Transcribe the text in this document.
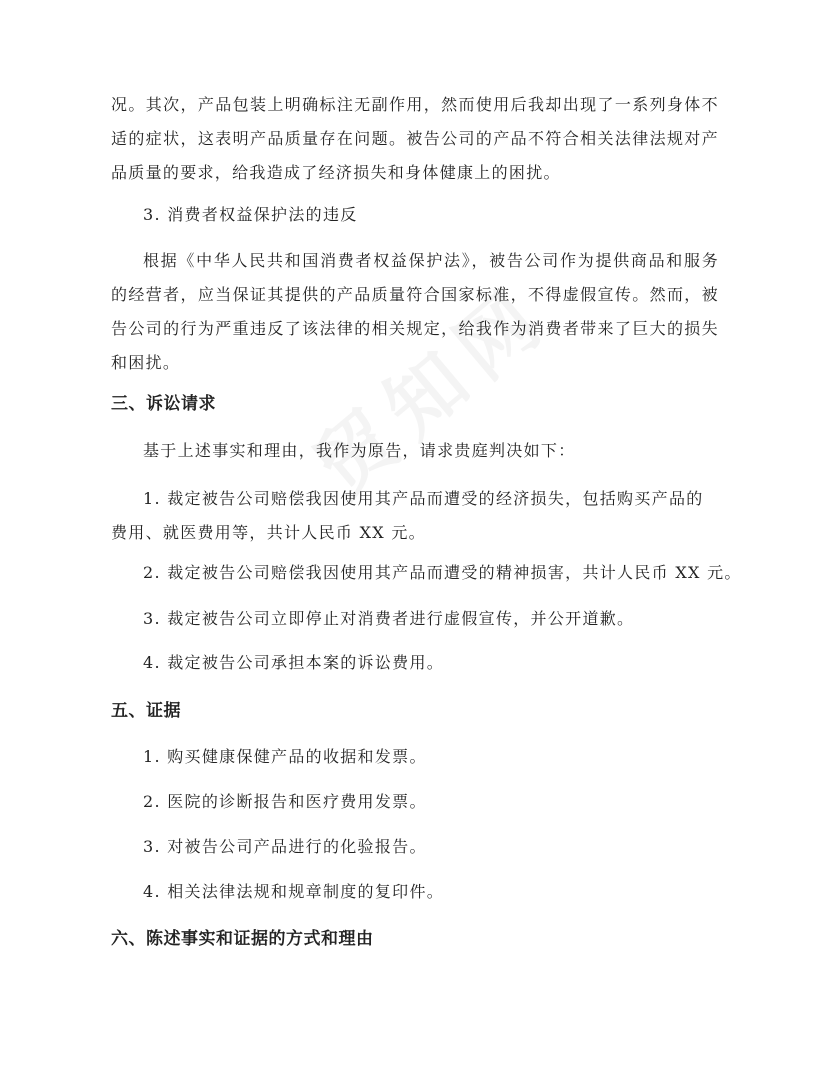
况。其次，产品包装上明确标注无副作用，然而使用后我却出现了一系列身体不适的症状，这表明产品质量存在问题。被告公司的产品不符合相关法律法规对产品质量的要求，给我造成了经济损失和身体健康上的困扰。

3. 消费者权益保护法的违反

根据《中华人民共和国消费者权益保护法》，被告公司作为提供商品和服务的经营者，应当保证其提供的产品质量符合国家标准，不得虚假宣传。然而，被告公司的行为严重违反了该法律的相关规定，给我作为消费者带来了巨大的损失和困扰。

三、诉讼请求

基于上述事实和理由，我作为原告，请求贵庭判决如下：

1. 裁定被告公司赔偿我因使用其产品而遭受的经济损失，包括购买产品的费用、就医费用等，共计人民币 XX 元。

2. 裁定被告公司赔偿我因使用其产品而遭受的精神损害，共计人民币 XX 元。

3. 裁定被告公司立即停止对消费者进行虚假宣传，并公开道歉。

4. 裁定被告公司承担本案的诉讼费用。

五、证据

1. 购买健康保健产品的收据和发票。

2. 医院的诊断报告和医疗费用发票。

3. 对被告公司产品进行的化验报告。

4. 相关法律法规和规章制度的复印件。

六、陈述事实和证据的方式和理由
